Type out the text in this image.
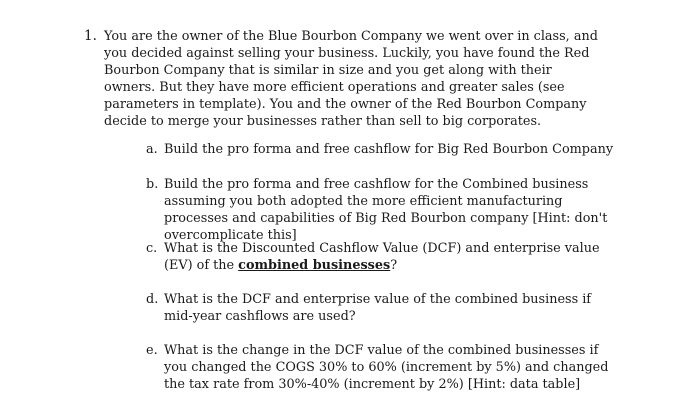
1. You are the owner of the Blue Bourbon Company we went over in class, and you decided against selling your business. Luckily, you have found the Red Bourbon Company that is similar in size and you get along with their owners. But they have more efficient operations and greater sales (see parameters in template). You and the owner of the Red Bourbon Company decide to merge your businesses rather than sell to big corporates.
a. Build the pro forma and free cashflow for Big Red Bourbon Company
b. Build the pro forma and free cashflow for the Combined business assuming you both adopted the more efficient manufacturing processes and capabilities of Big Red Bourbon company [Hint: don't overcomplicate this]
c. What is the Discounted Cashflow Value (DCF) and enterprise value (EV) of the combined businesses?
d. What is the DCF and enterprise value of the combined business if mid-year cashflows are used?
e. What is the change in the DCF value of the combined businesses if you changed the COGS 30% to 60% (increment by 5%) and changed the tax rate from 30%-40% (increment by 2%) [Hint: data table]
